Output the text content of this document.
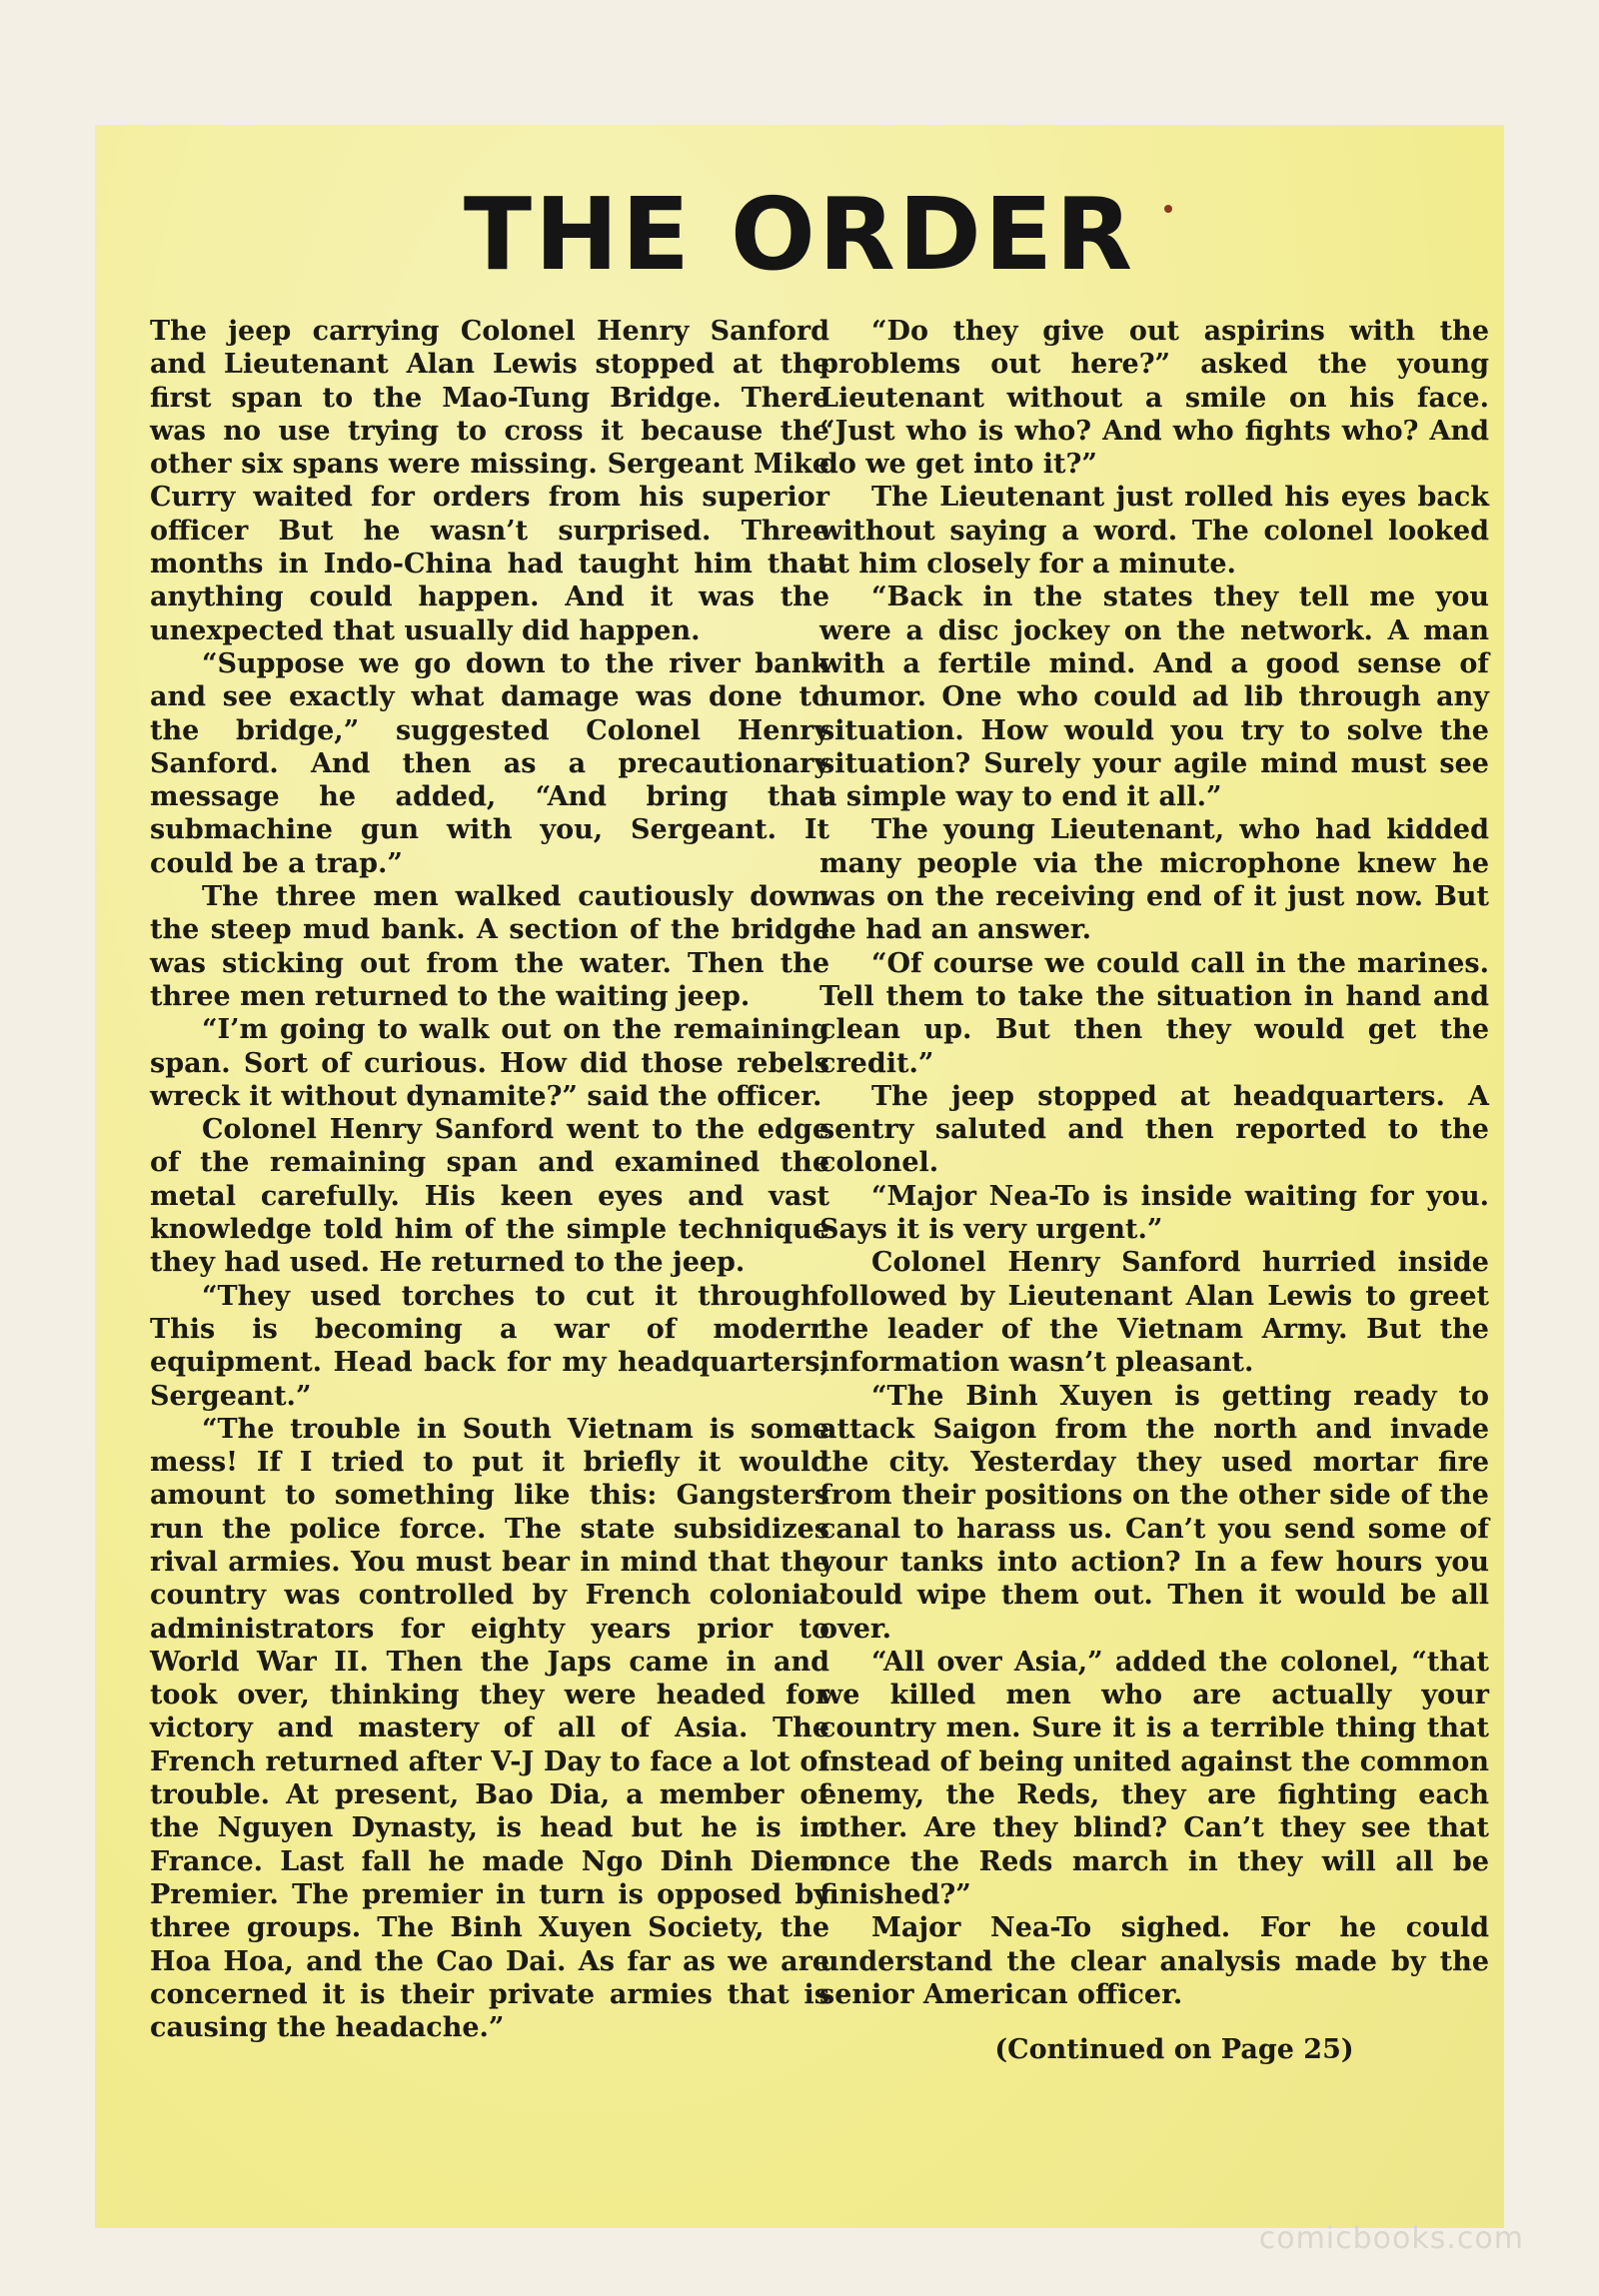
THE ORDER

The jeep carrying Colonel Henry Sanford and Lieutenant Alan Lewis stopped at the first span to the Mao-Tung Bridge. There was no use trying to cross it because the other six spans were missing. Sergeant Mike Curry waited for orders from his superior officer But he wasn’t surprised. Three months in Indo-China had taught him that anything could happen. And it was the unexpected that usually did happen.

“Suppose we go down to the river bank and see exactly what damage was done to the bridge,” suggested Colonel Henry Sanford. And then as a precautionary message he added, “And bring that submachine gun with you, Sergeant. It could be a trap.”

The three men walked cautiously down the steep mud bank. A section of the bridge was sticking out from the water. Then the three men returned to the waiting jeep.

“I’m going to walk out on the remaining span. Sort of curious. How did those rebels wreck it without dynamite?” said the officer.

Colonel Henry Sanford went to the edge of the remaining span and examined the metal carefully. His keen eyes and vast knowledge told him of the simple technique they had used. He returned to the jeep.

“They used torches to cut it through. This is becoming a war of modern equipment. Head back for my headquarters, Sergeant.”

“The trouble in South Vietnam is some mess! If I tried to put it briefly it would amount to something like this: Gangsters run the police force. The state subsidizes rival armies. You must bear in mind that the country was controlled by French colonial administrators for eighty years prior to World War II. Then the Japs came in and took over, thinking they were headed for victory and mastery of all of Asia. The French returned after V-J Day to face a lot of trouble. At present, Bao Dia, a member of the Nguyen Dynasty, is head but he is in France. Last fall he made Ngo Dinh Diem Premier. The premier in turn is opposed by three groups. The Binh Xuyen Society, the Hoa Hoa, and the Cao Dai. As far as we are concerned it is their private armies that is causing the headache.”

“Do they give out aspirins with the problems out here?” asked the young Lieutenant without a smile on his face. “Just who is who? And who fights who? And do we get into it?”

The Lieutenant just rolled his eyes back without saying a word. The colonel looked at him closely for a minute.

“Back in the states they tell me you were a disc jockey on the network. A man with a fertile mind. And a good sense of humor. One who could ad lib through any situation. How would you try to solve the situation? Surely your agile mind must see a simple way to end it all.”

The young Lieutenant, who had kidded many people via the microphone knew he was on the receiving end of it just now. But he had an answer.

“Of course we could call in the marines. Tell them to take the situation in hand and clean up. But then they would get the credit.”

The jeep stopped at headquarters. A sentry saluted and then reported to the colonel.

“Major Nea-To is inside waiting for you. Says it is very urgent.”

Colonel Henry Sanford hurried inside followed by Lieutenant Alan Lewis to greet the leader of the Vietnam Army. But the information wasn’t pleasant.

“The Binh Xuyen is getting ready to attack Saigon from the north and invade the city. Yesterday they used mortar fire from their positions on the other side of the canal to harass us. Can’t you send some of your tanks into action? In a few hours you could wipe them out. Then it would be all over.

“All over Asia,” added the colonel, “that we killed men who are actually your country men. Sure it is a terrible thing that instead of being united against the common enemy, the Reds, they are fighting each other. Are they blind? Can’t they see that once the Reds march in they will all be finished?”

Major Nea-To sighed. For he could understand the clear analysis made by the senior American officer.

(Continued on Page 25)

comicbooks.com
